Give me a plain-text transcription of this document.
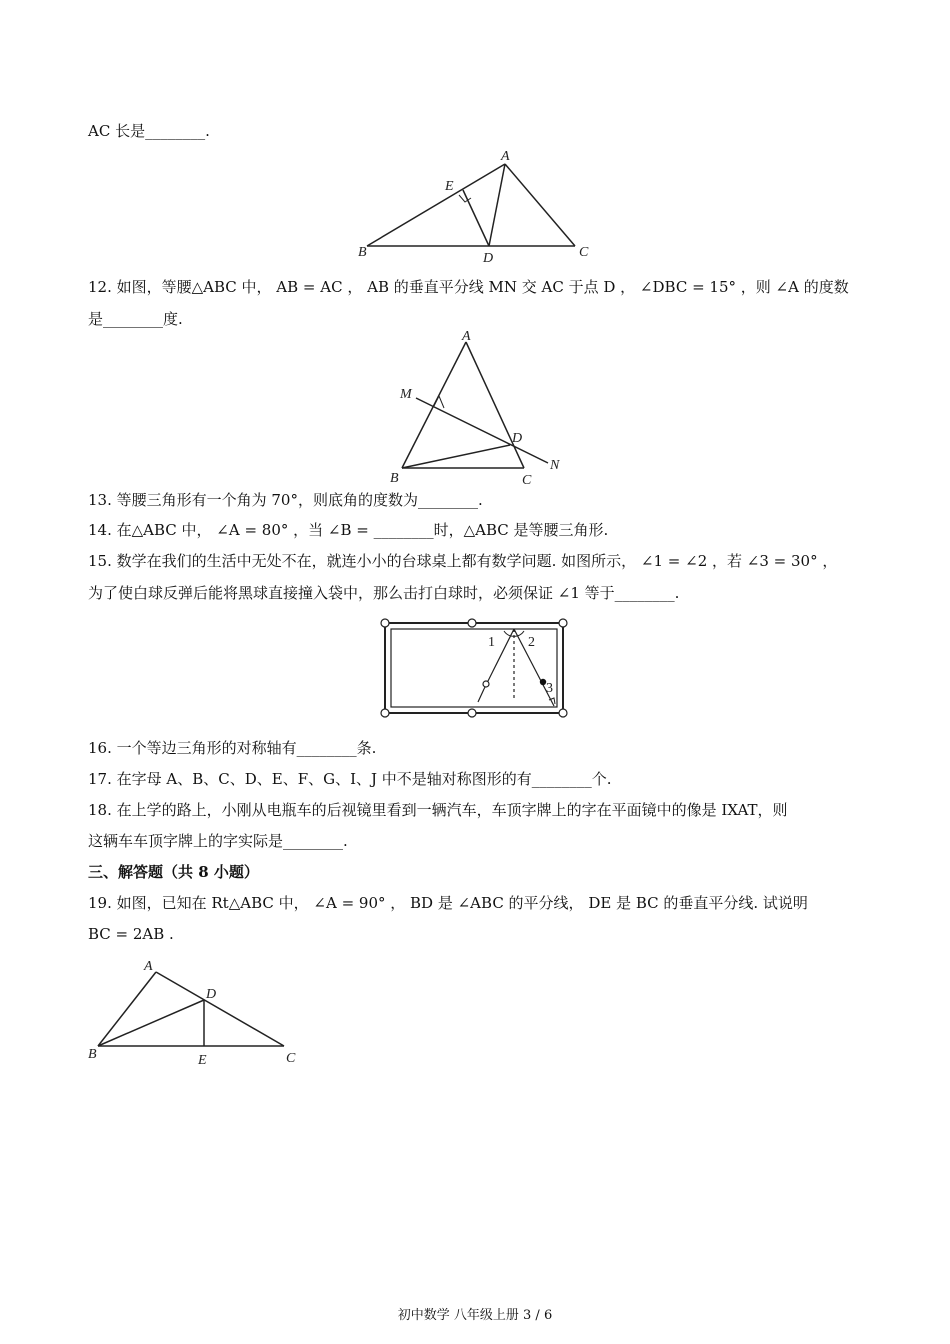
AC 长是________.
A
E
B	D	C
12. 如图，等腰△ABC 中， AB = AC ， AB 的垂直平分线 MN 交 AC 于点 D ， ∠DBC = 15° ，则 ∠A 的度数
是________度.
A
M
D
N
B	C
13. 等腰三角形有一个角为 70°，则底角的度数为________.
14. 在△ABC 中， ∠A = 80° ，当 ∠B = ________时，△ABC 是等腰三角形.
15. 数学在我们的生活中无处不在，就连小小的台球桌上都有数学问题. 如图所示， ∠1 = ∠2 ，若 ∠3 = 30° ，
为了使白球反弹后能将黑球直接撞入袋中，那么击打白球时，必须保证 ∠1 等于________.
1 2
3
16. 一个等边三角形的对称轴有________条.
17. 在字母 A、B、C、D、E、F、G、I、J 中不是轴对称图形的有________个.
18. 在上学的路上，小刚从电瓶车的后视镜里看到一辆汽车，车顶字牌上的字在平面镜中的像是 IXAT，则
这辆车车顶字牌上的字实际是________.
三、解答题（共 8 小题）
19. 如图，已知在 Rt△ABC 中， ∠A = 90° ， BD 是 ∠ABC 的平分线， DE 是 BC 的垂直平分线. 试说明
BC = 2AB .
A
D
B	E	C
初中数学 八年级上册 3 / 6
